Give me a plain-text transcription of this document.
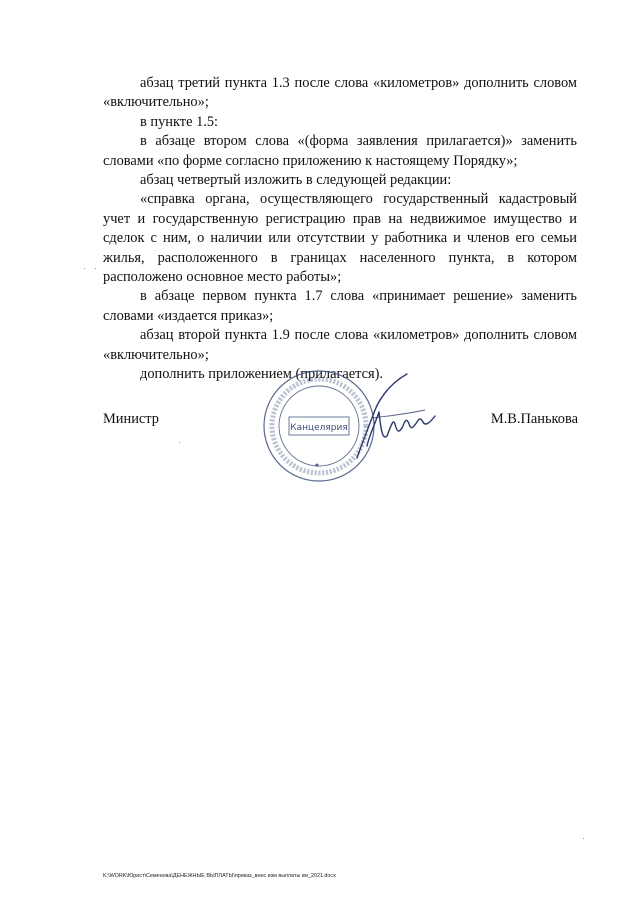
абзац третий пункта 1.3 после слова «километров» дополнить словом «включительно»;

в пункте 1.5:

в абзаце втором слова «(форма заявления прилагается)» заменить словами «по форме согласно приложению к настоящему Порядку»;

абзац четвертый изложить в следующей редакции:

«справка органа, осуществляющего государственный кадастровый учет и государственную регистрацию прав на недвижимое имущество и сделок с ним, о наличии или отсутствии у работника и членов его семьи жилья, расположенного в границах населенного пункта, в котором расположено основное место работы»;

в абзаце первом пункта 1.7 слова «принимает решение» заменить словами «издается приказ»;

абзац второй пункта 1.9 после слова «километров» дополнить словом «включительно»;

дополнить приложением (прилагается).

Министр	М.В.Панькова
Канцелярия
★
K:\WORK\Юрист\Семенова\ДЕНЕЖНЫЕ ВЫПЛАТЫ\приказ_внес изм выплаты км_2021.docx
